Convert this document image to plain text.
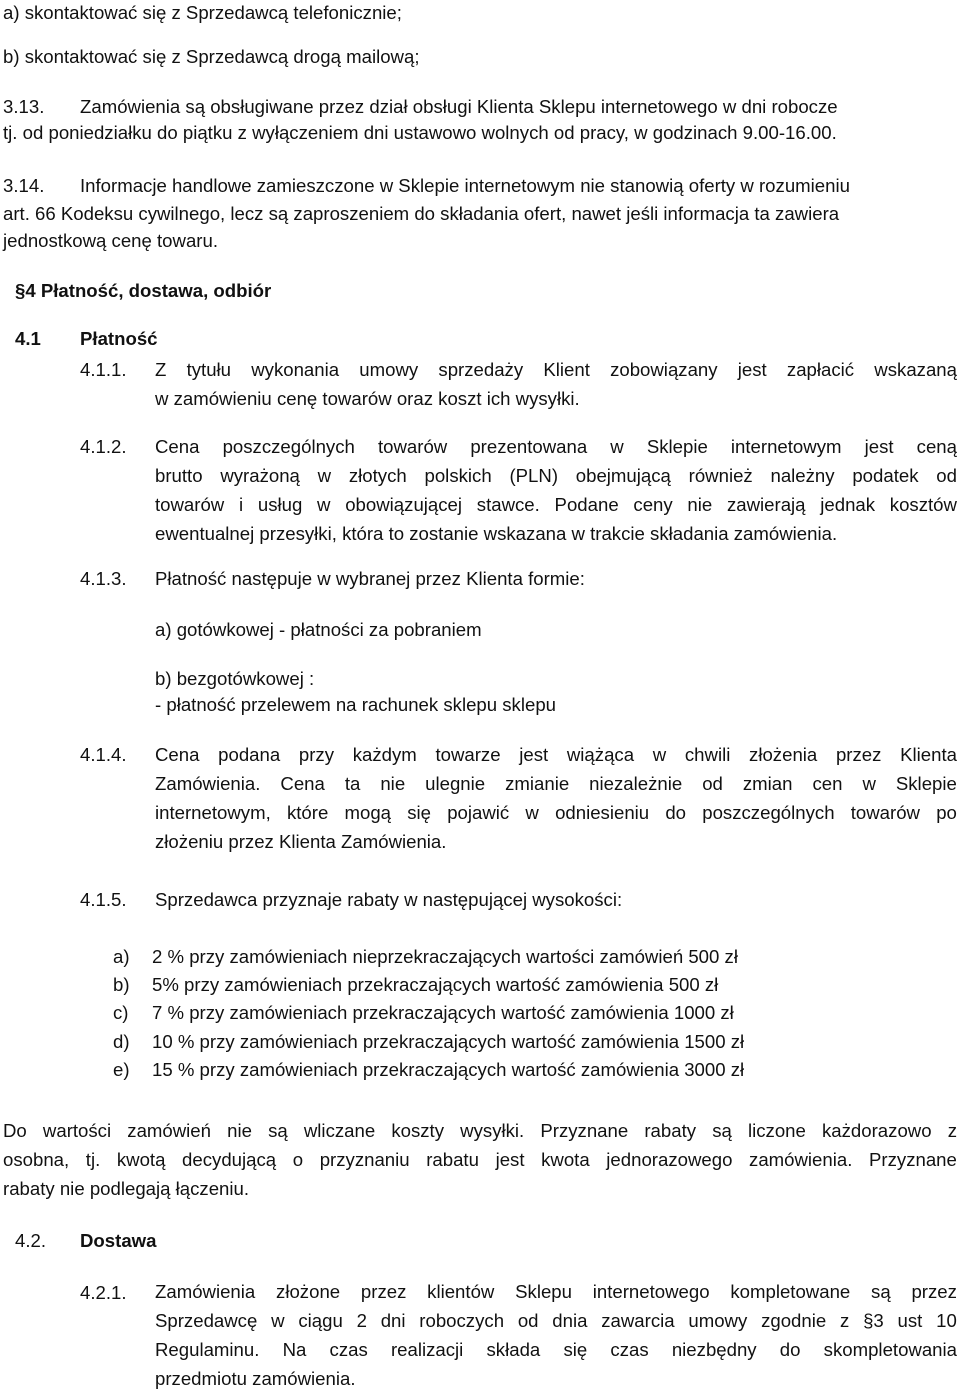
a) skontaktować się z Sprzedawcą telefonicznie;
b) skontaktować się z Sprzedawcą drogą mailową;
3.13. Zamówienia są obsługiwane przez dział obsługi Klienta Sklepu internetowego w dni robocze
tj. od poniedziałku do piątku z wyłączeniem dni ustawowo wolnych od pracy, w godzinach 9.00-16.00.
3.14. Informacje handlowe zamieszczone w Sklepie internetowym nie stanowią oferty w rozumieniu
art. 66 Kodeksu cywilnego, lecz są zaproszeniem do składania ofert, nawet jeśli informacja ta zawiera
jednostkową cenę towaru.
§4 Płatność, dostawa, odbiór
4.1 Płatność
4.1.1. Z tytułu wykonania umowy sprzedaży Klient zobowiązany jest zapłacić wskazaną
w zamówieniu cenę towarów oraz koszt ich wysyłki.
4.1.2. Cena poszczególnych towarów prezentowana w Sklepie internetowym jest ceną
brutto wyrażoną w złotych polskich (PLN) obejmującą również należny podatek od
towarów i usług w obowiązującej stawce. Podane ceny nie zawierają jednak kosztów
ewentualnej przesyłki, która to zostanie wskazana w trakcie składania zamówienia.
4.1.3. Płatność następuje w wybranej przez Klienta formie:
a) gotówkowej - płatności za pobraniem
b) bezgotówkowej :
- płatność przelewem na rachunek sklepu sklepu
4.1.4. Cena podana przy każdym towarze jest wiążąca w chwili złożenia przez Klienta
Zamówienia. Cena ta nie ulegnie zmianie niezależnie od zmian cen w Sklepie
internetowym, które mogą się pojawić w odniesieniu do poszczególnych towarów po
złożeniu przez Klienta Zamówienia.
4.1.5. Sprzedawca przyznaje rabaty w następującej wysokości:
a) 2 % przy zamówieniach nieprzekraczających wartości zamówień 500 zł
b) 5% przy zamówieniach przekraczających wartość zamówienia 500 zł
c) 7 % przy zamówieniach przekraczających wartość zamówienia 1000 zł
d) 10 % przy zamówieniach przekraczających wartość zamówienia 1500 zł
e) 15 % przy zamówieniach przekraczających wartość zamówienia 3000 zł
Do wartości zamówień nie są wliczane koszty wysyłki. Przyznane rabaty są liczone każdorazowo z
osobna, tj. kwotą decydującą o przyznaniu rabatu jest kwota jednorazowego zamówienia. Przyznane
rabaty nie podlegają łączeniu.
4.2. Dostawa
4.2.1. Zamówienia złożone przez klientów Sklepu internetowego kompletowane są przez
Sprzedawcę w ciągu 2 dni roboczych od dnia zawarcia umowy zgodnie z §3 ust 10
Regulaminu. Na czas realizacji składa się czas niezbędny do skompletowania
przedmiotu zamówienia.
